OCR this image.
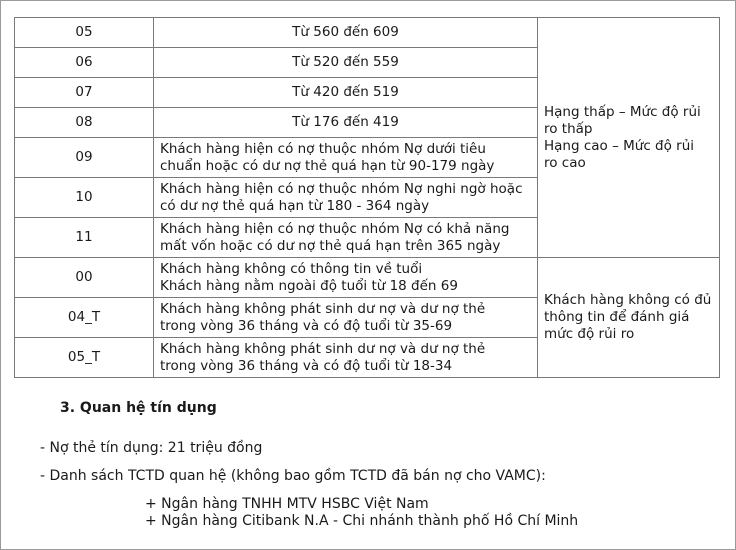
05	Từ 560 đến 609	Hạng thấp – Mức độ rủi
ro thấp
Hạng cao – Mức độ rủi
ro cao

06	Từ 520 đến 559	
07	Từ 420 đến 519	
08	Từ 176 đến 419	
09	Khách hàng hiện có nợ thuộc nhóm Nợ dưới tiêu
chuẩn hoặc có dư nợ thẻ quá hạn từ 90-179 ngày	

10	Khách hàng hiện có nợ thuộc nhóm Nợ nghi ngờ hoặc
có dư nợ thẻ quá hạn từ 180 - 364 ngày	

11	Khách hàng hiện có nợ thuộc nhóm Nợ có khả năng
mất vốn hoặc có dư nợ thẻ quá hạn trên 365 ngày	

00	Khách hàng không có thông tin về tuổi
Khách hàng nằm ngoài độ tuổi từ 18 đến 69	Khách hàng không có đủ
thông tin để đánh giá
mức độ rủi ro

04_T	Khách hàng không phát sinh dư nợ và dư nợ thẻ
trong vòng 36 tháng và có độ tuổi từ 35-69	

05_T	Khách hàng không phát sinh dư nợ và dư nợ thẻ
trong vòng 36 tháng và có độ tuổi từ 18-34	
3. Quan hệ tín dụng
- Nợ thẻ tín dụng: 21 triệu đồng
- Danh sách TCTD quan hệ (không bao gồm TCTD đã bán nợ cho VAMC):
+ Ngân hàng TNHH MTV HSBC Việt Nam
+ Ngân hàng Citibank N.A - Chi nhánh thành phố Hồ Chí Minh
